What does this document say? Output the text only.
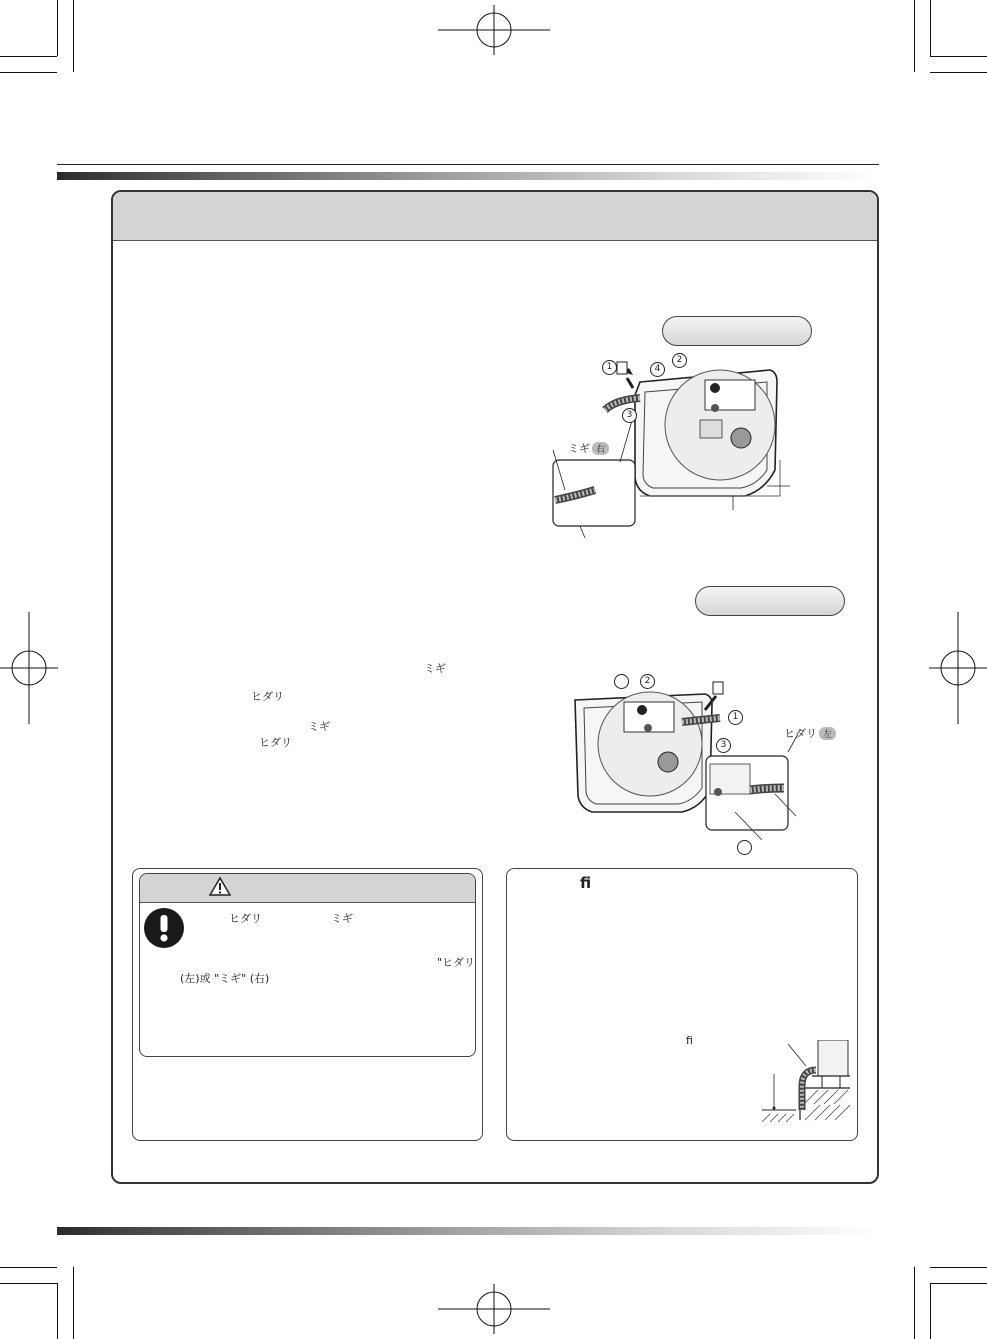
1
2
3
4
ミギ 右
2
1
3
ヒダリ 左
ミギ
ヒダリ
ミギ
ヒダリ
ヒダリ	ミギ
"ヒダリ
(左)或 "ミギ" (右)
fi
fi
